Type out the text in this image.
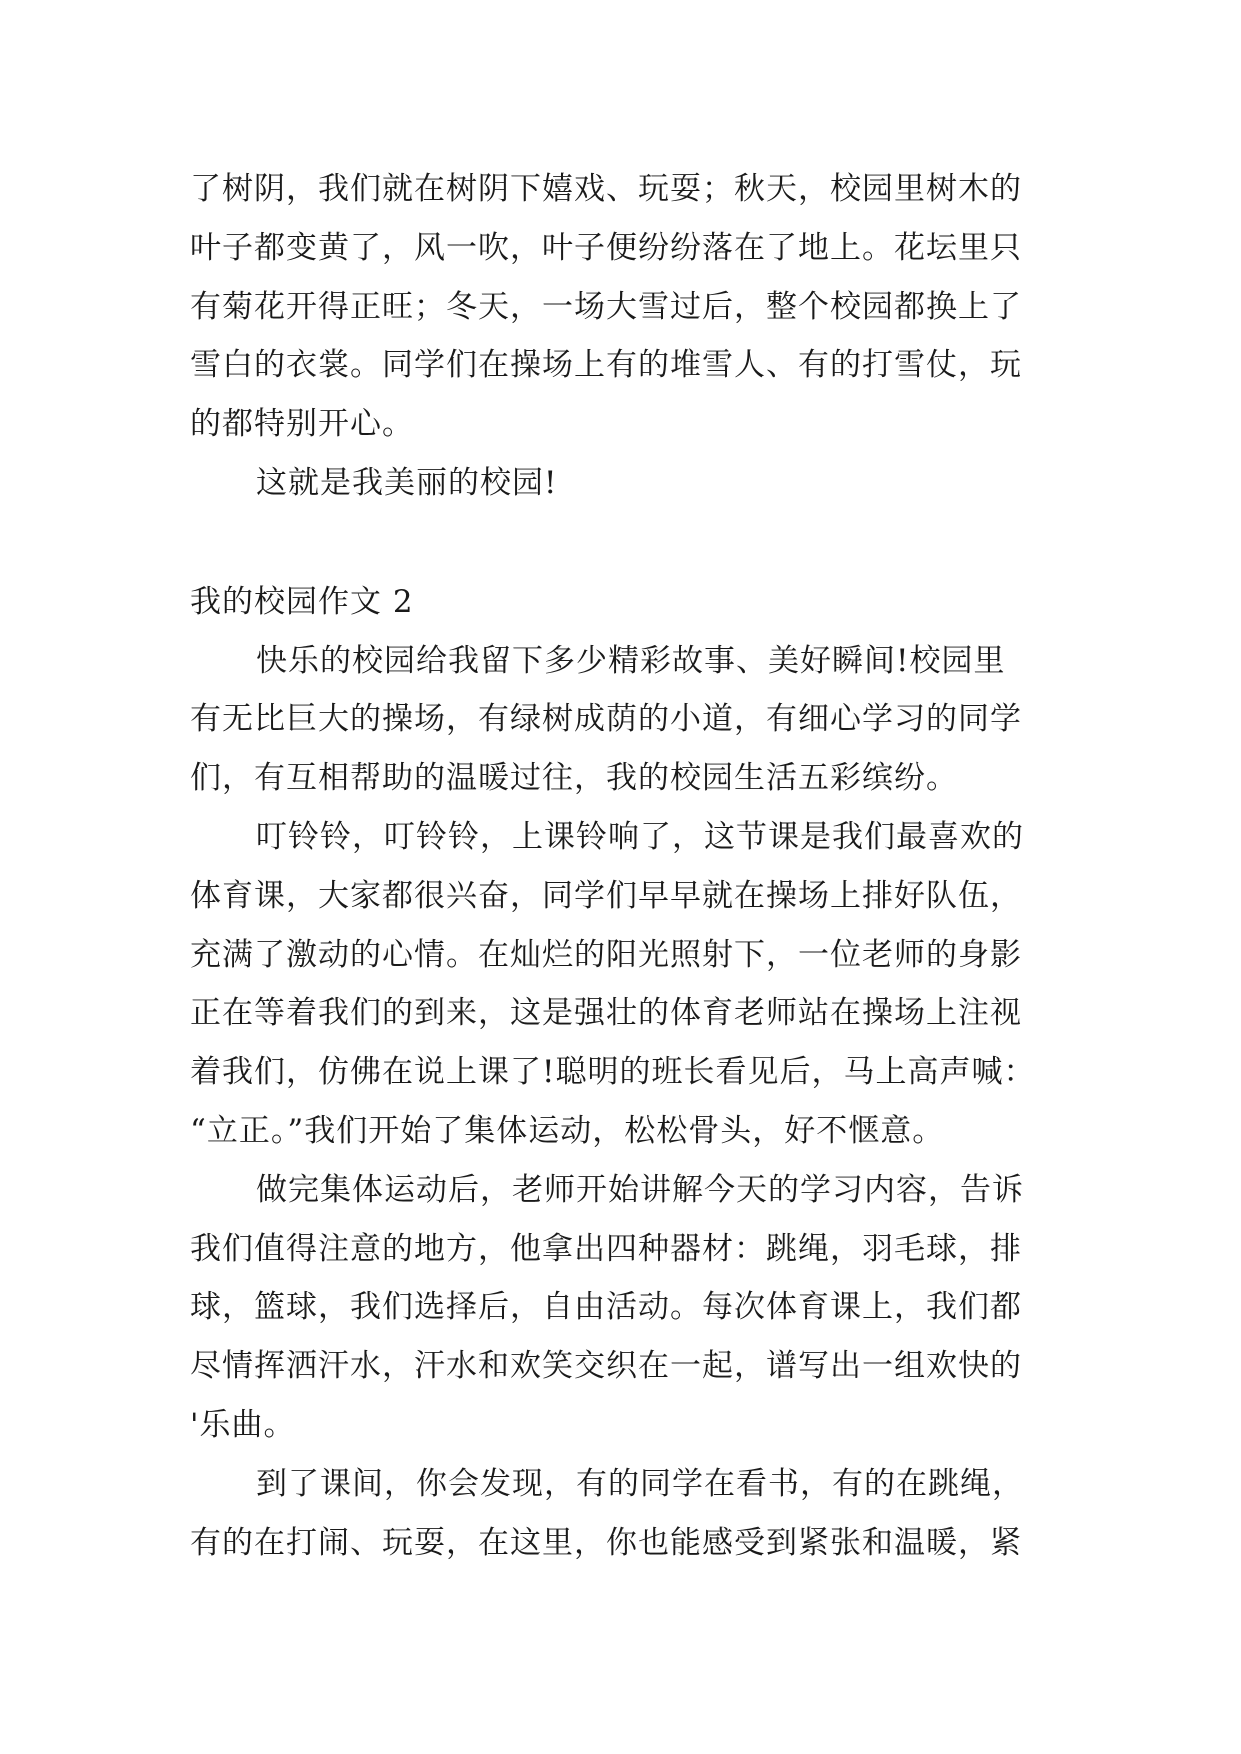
了树阴，我们就在树阴下嬉戏、玩耍；秋天，校园里树木的
叶子都变黄了，风一吹，叶子便纷纷落在了地上。花坛里只
有菊花开得正旺；冬天，一场大雪过后，整个校园都换上了
雪白的衣裳。同学们在操场上有的堆雪人、有的打雪仗，玩
的都特别开心。
这就是我美丽的校园!
我的校园作文 2
快乐的校园给我留下多少精彩故事、美好瞬间!校园里
有无比巨大的操场，有绿树成荫的小道，有细心学习的同学
们，有互相帮助的温暖过往，我的校园生活五彩缤纷。
叮铃铃，叮铃铃，上课铃响了，这节课是我们最喜欢的
体育课，大家都很兴奋，同学们早早就在操场上排好队伍，
充满了激动的心情。在灿烂的阳光照射下，一位老师的身影
正在等着我们的到来，这是强壮的体育老师站在操场上注视
着我们，仿佛在说上课了!聪明的班长看见后，马上高声喊：
“立正。”我们开始了集体运动，松松骨头，好不惬意。
做完集体运动后，老师开始讲解今天的学习内容，告诉
我们值得注意的地方，他拿出四种器材：跳绳，羽毛球，排
球，篮球，我们选择后，自由活动。每次体育课上，我们都
尽情挥洒汗水，汗水和欢笑交织在一起，谱写出一组欢快的
'乐曲。
到了课间，你会发现，有的同学在看书，有的在跳绳，
有的在打闹、玩耍，在这里，你也能感受到紧张和温暖，紧
